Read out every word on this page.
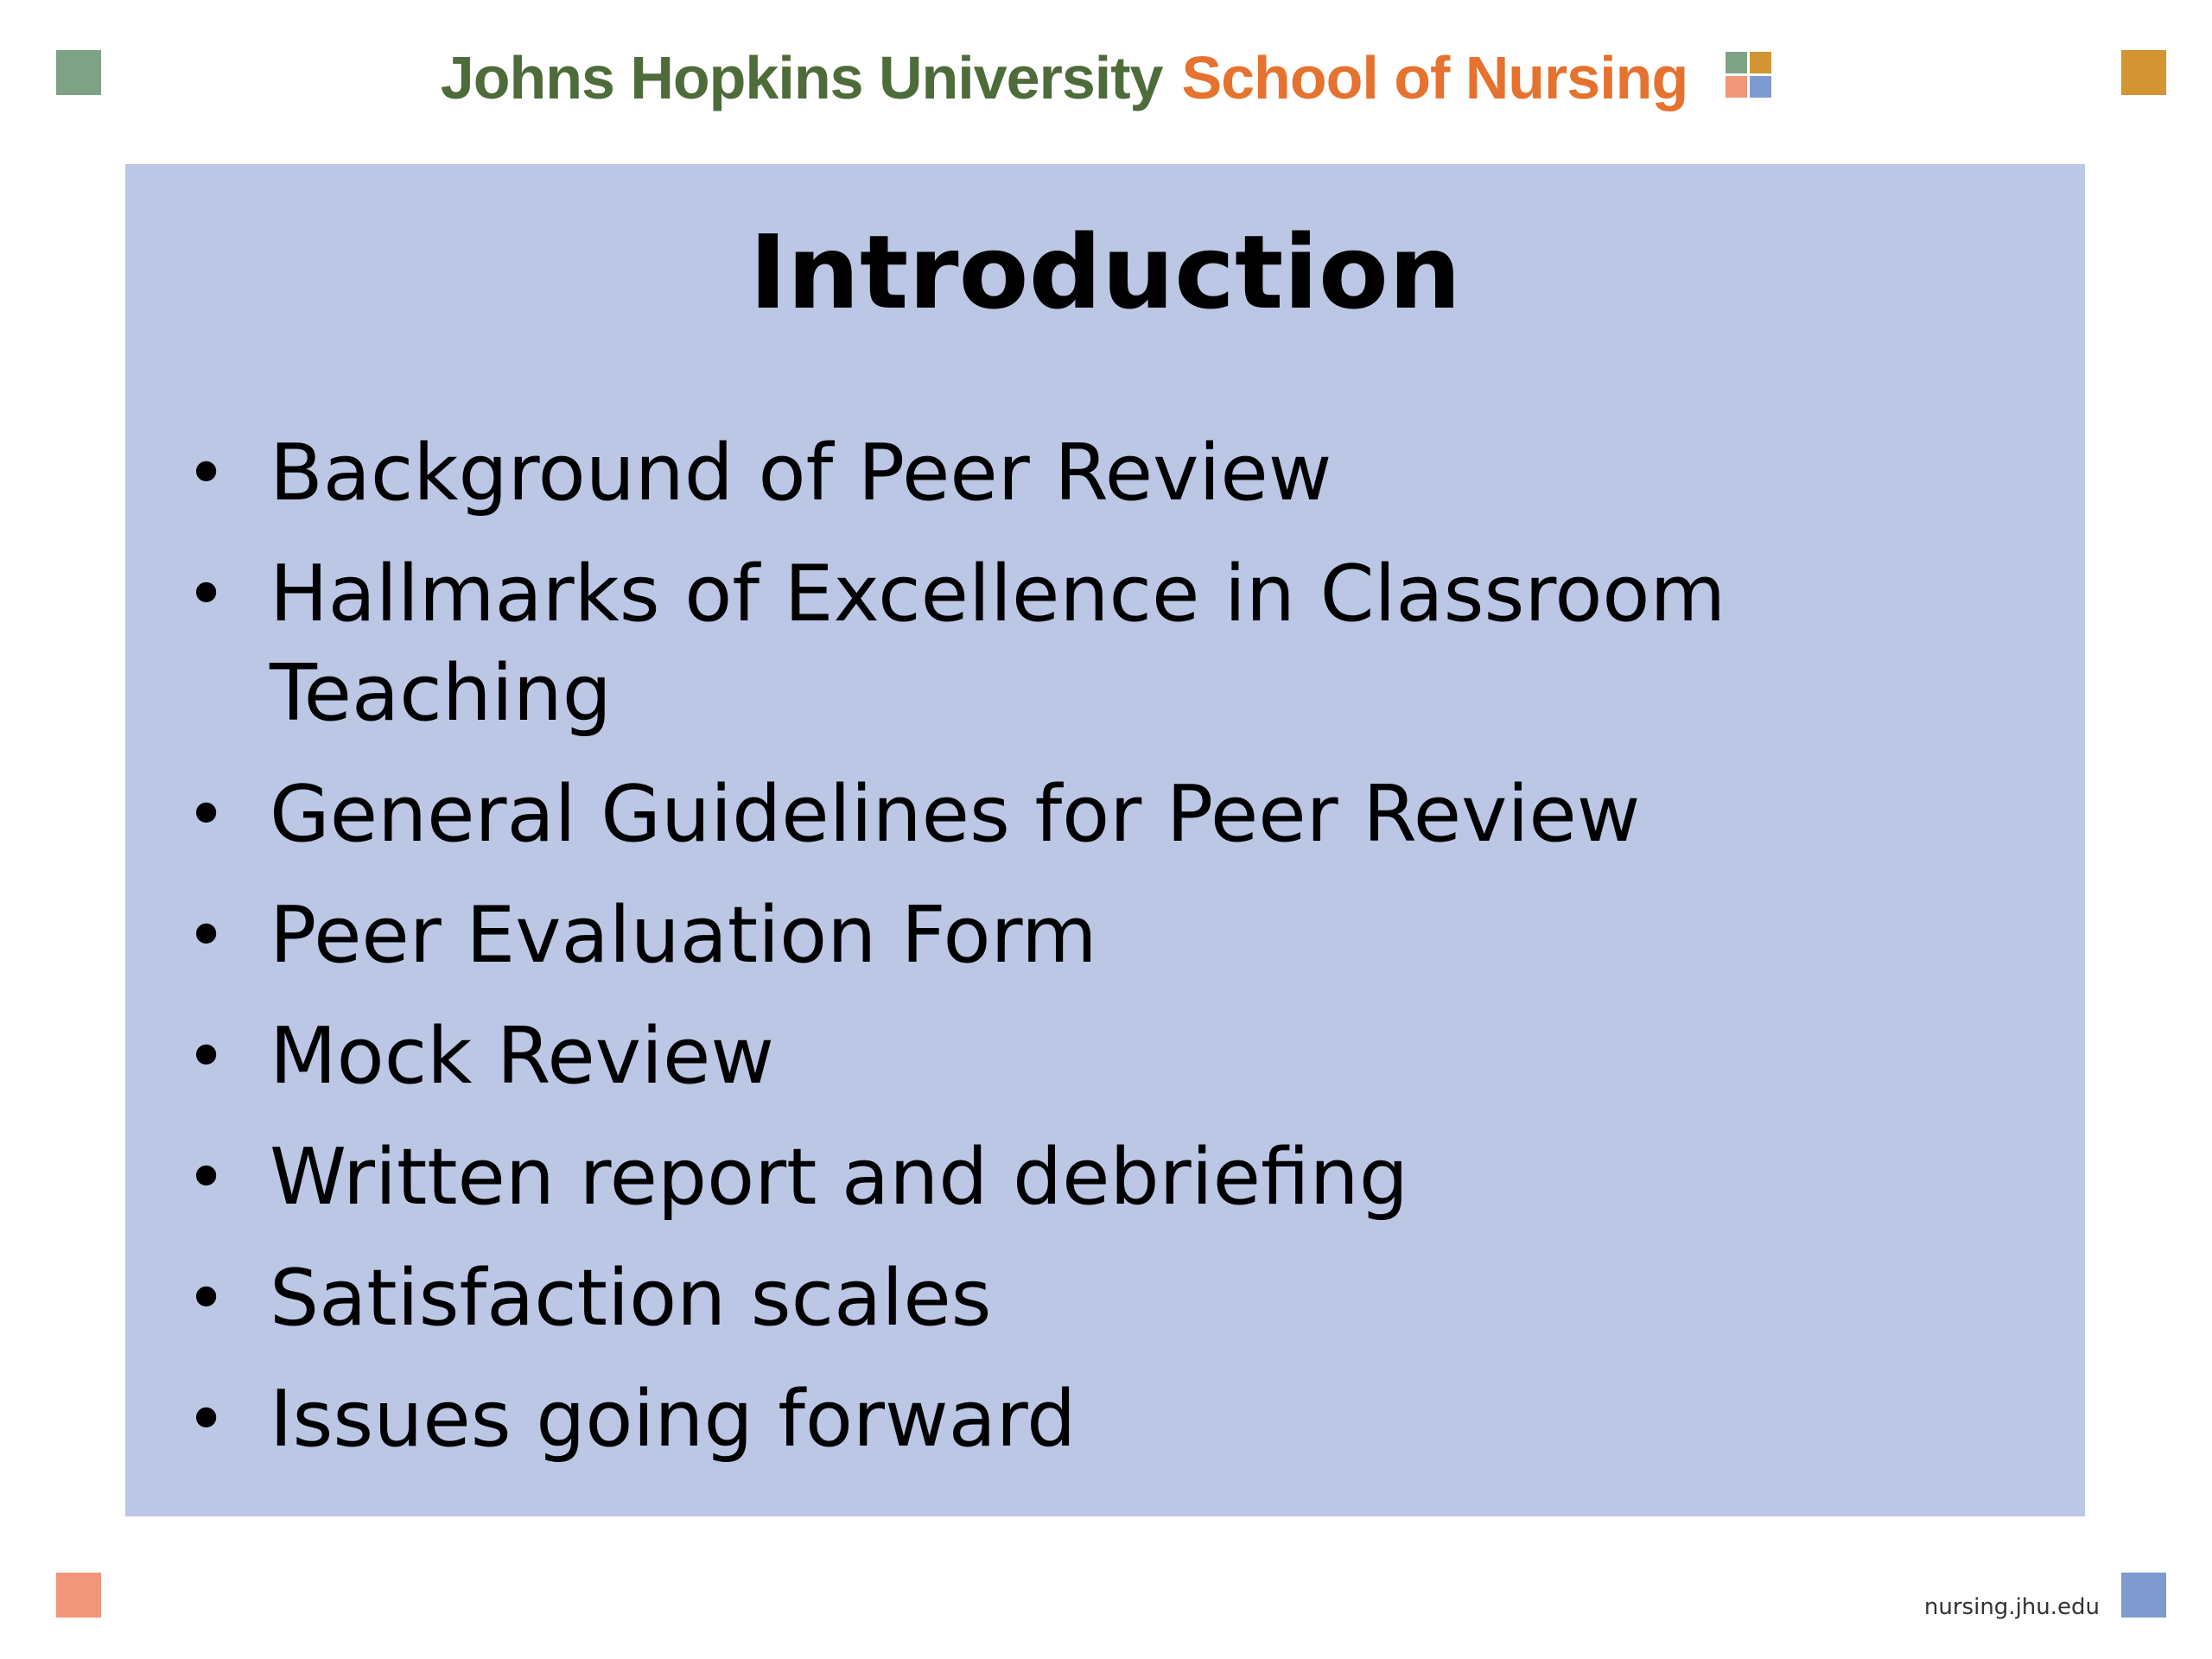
Johns Hopkins University School of Nursing
Introduction
• Background of Peer Review
• Hallmarks of Excellence in Classroom Teaching
• General Guidelines for Peer Review
• Peer Evaluation Form
• Mock Review
• Written report and debriefing
• Satisfaction scales
• Issues going forward
nursing.jhu.edu
